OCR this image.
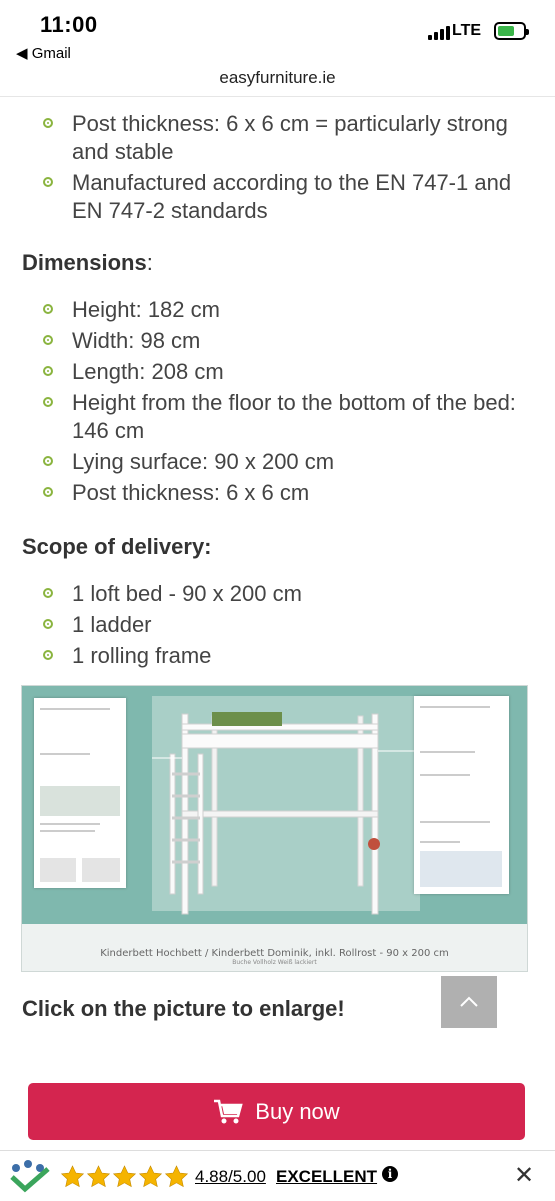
11:00
◀ Gmail
LTE
easyfurniture.ie
Post thickness: 6 x 6 cm = particularly strong and stable
Manufactured according to the EN 747-1 and EN 747-2 standards
Dimensions:
Height: 182 cm
Width: 98 cm
Length: 208 cm
Height from the floor to the bottom of the bed: 146 cm
Lying surface: 90 x 200 cm
Post thickness: 6 x 6 cm
Scope of delivery:
1 loft bed - 90 x 200 cm
1 ladder
1 rolling frame
Kinderbett Hochbett / Kinderbett Dominik, inkl. Rollrost - 90 x 200 cm
Buche Vollholz Weiß lackiert
Click on the picture to enlarge!
Buy now
4.88/5.00 EXCELLENT i	✕
